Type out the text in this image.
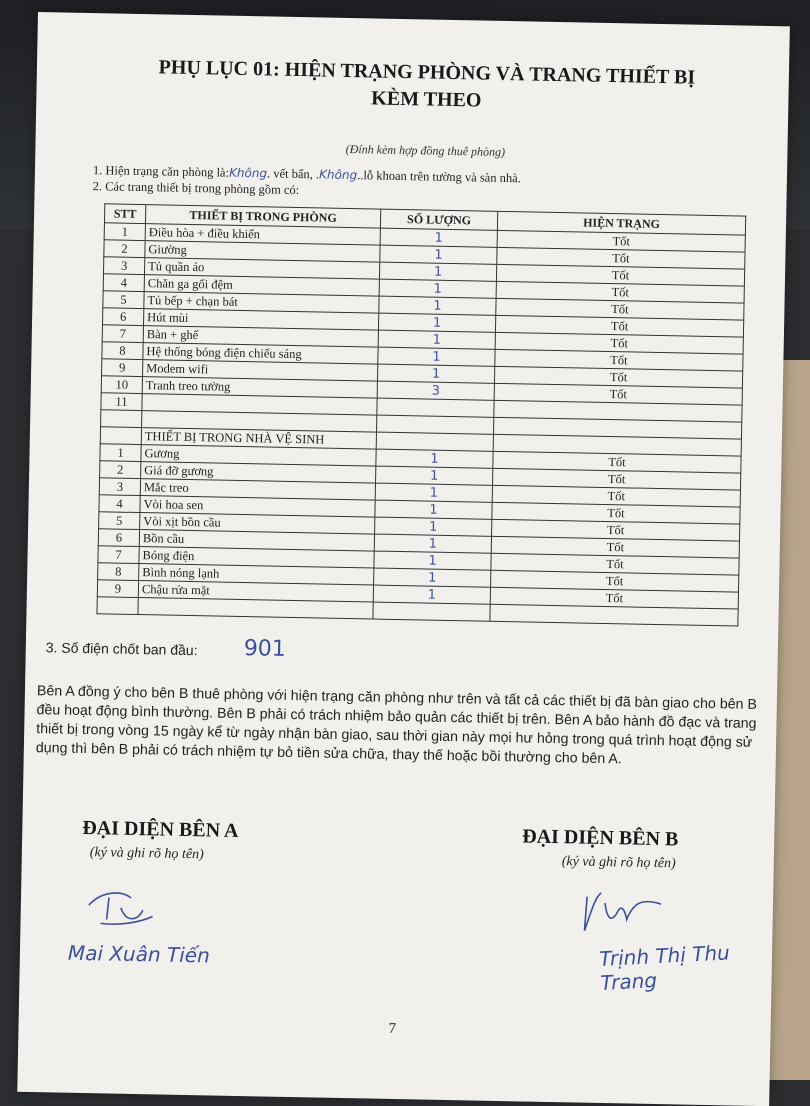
PHỤ LỤC 01: HIỆN TRẠNG PHÒNG VÀ TRANG THIẾT BỊ
KÈM THEO
(Đính kèm hợp đồng thuê phòng)
1. Hiện trạng căn phòng là:Không. vết bẩn, .Không..lỗ khoan trên tường và sàn nhà.
2. Các trang thiết bị trong phòng gồm có:
STT	THIẾT BỊ TRONG PHÒNG	SỐ LƯỢNG	HIỆN TRẠNG
1	Điều hòa + điều khiển	1	Tốt
2	Giường	1	Tốt
3	Tủ quần áo	1	Tốt
4	Chăn ga gối đệm	1	Tốt
5	Tủ bếp + chạn bát	1	Tốt
6	Hút mùi	1	Tốt
7	Bàn + ghế	1	Tốt
8	Hệ thống bóng điện chiếu sáng	1	Tốt
9	Modem wifi	1	Tốt
10	Tranh treo tường	3	Tốt
11			

	THIẾT BỊ TRONG NHÀ VỆ SINH		
1	Gương	1	Tốt
2	Giá đỡ gương	1	Tốt
3	Mắc treo	1	Tốt
4	Vòi hoa sen	1	Tốt
5	Vòi xịt bồn cầu	1	Tốt
6	Bồn cầu	1	Tốt
7	Bóng điện	1	Tốt
8	Bình nóng lạnh	1	Tốt
9	Chậu rửa mặt	1	Tốt

3. Số điện chốt ban đầu: 901
Bên A đồng ý cho bên B thuê phòng với hiện trạng căn phòng như trên và tất cả các thiết bị đã bàn giao cho bên B đều hoạt động bình thường. Bên B phải có trách nhiệm bảo quản các thiết bị trên. Bên A bảo hành đồ đạc và trang thiết bị trong vòng 15 ngày kể từ ngày nhận bàn giao, sau thời gian này mọi hư hỏng trong quá trình hoạt động sử dụng thì bên B phải có trách nhiệm tự bỏ tiền sửa chữa, thay thế hoặc bồi thường cho bên A.
ĐẠI DIỆN BÊN A
(ký và ghi rõ họ tên)
ĐẠI DIỆN BÊN B
(ký và ghi rõ họ tên)
Mai Xuân Tiến	Trịnh Thị Thu Trang
7
